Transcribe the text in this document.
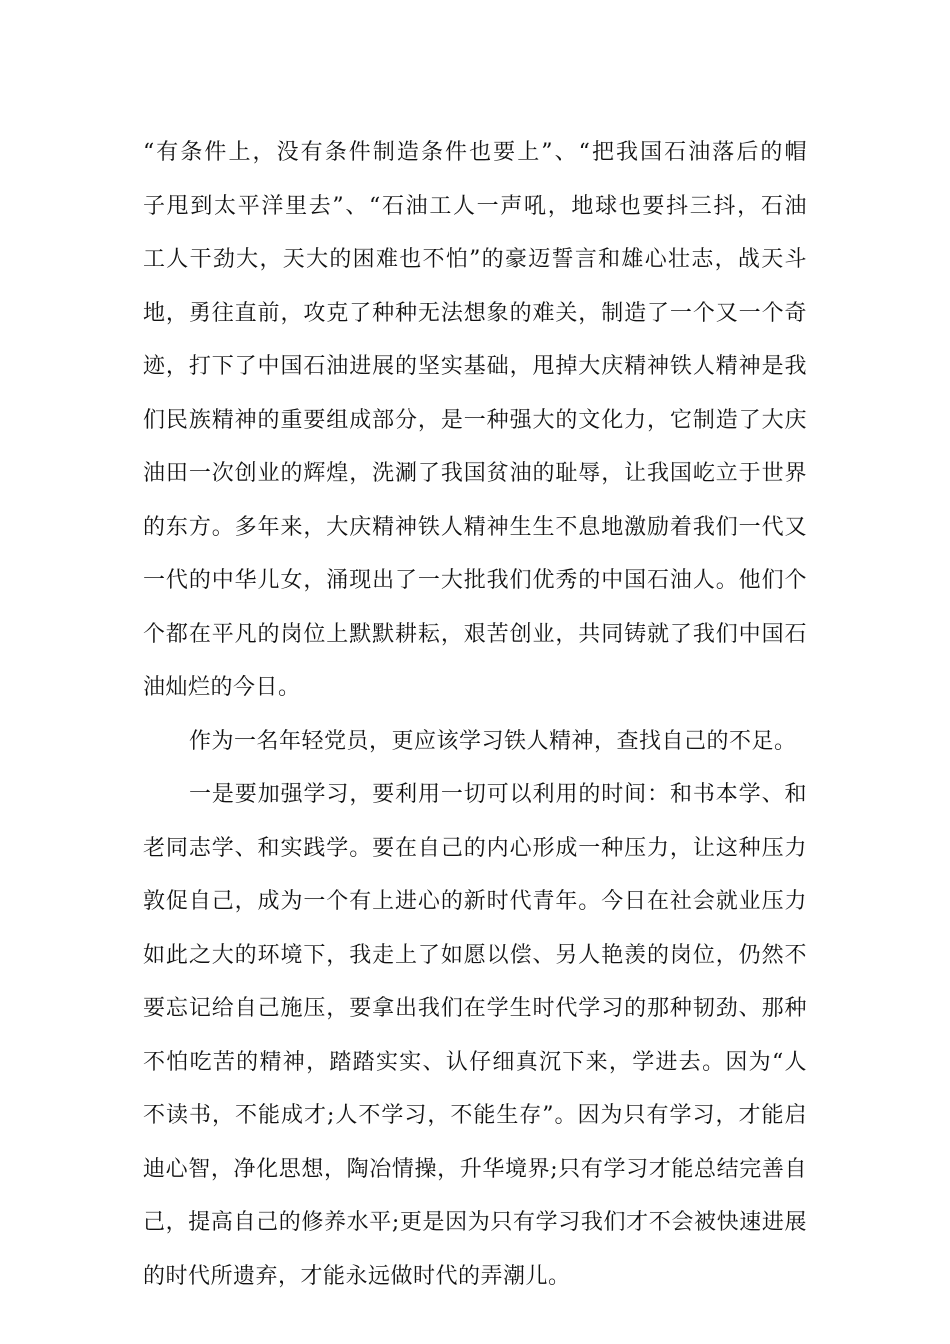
“有条件上，没有条件制造条件也要上”、“把我国石油落后的帽
子甩到太平洋里去”、“石油工人一声吼，地球也要抖三抖，石油
工人干劲大，天大的困难也不怕”的豪迈誓言和雄心壮志，战天斗
地，勇往直前，攻克了种种无法想象的难关，制造了一个又一个奇
迹，打下了中国石油进展的坚实基础，甩掉大庆精神铁人精神是我
们民族精神的重要组成部分，是一种强大的文化力，它制造了大庆
油田一次创业的辉煌，洗涮了我国贫油的耻辱，让我国屹立于世界
的东方。多年来，大庆精神铁人精神生生不息地激励着我们一代又
一代的中华儿女，涌现出了一大批我们优秀的中国石油人。他们个
个都在平凡的岗位上默默耕耘，艰苦创业，共同铸就了我们中国石
油灿烂的今日。
作为一名年轻党员，更应该学习铁人精神，查找自己的不足。
一是要加强学习，要利用一切可以利用的时间：和书本学、和
老同志学、和实践学。要在自己的内心形成一种压力，让这种压力
敦促自己，成为一个有上进心的新时代青年。今日在社会就业压力
如此之大的环境下，我走上了如愿以偿、另人艳羡的岗位，仍然不
要忘记给自己施压，要拿出我们在学生时代学习的那种韧劲、那种
不怕吃苦的精神，踏踏实实、认仔细真沉下来，学进去。因为“人
不读书，不能成才;人不学习，不能生存”。因为只有学习，才能启
迪心智，净化思想，陶冶情操，升华境界;只有学习才能总结完善自
己，提高自己的修养水平;更是因为只有学习我们才不会被快速进展
的时代所遗弃，才能永远做时代的弄潮儿。
